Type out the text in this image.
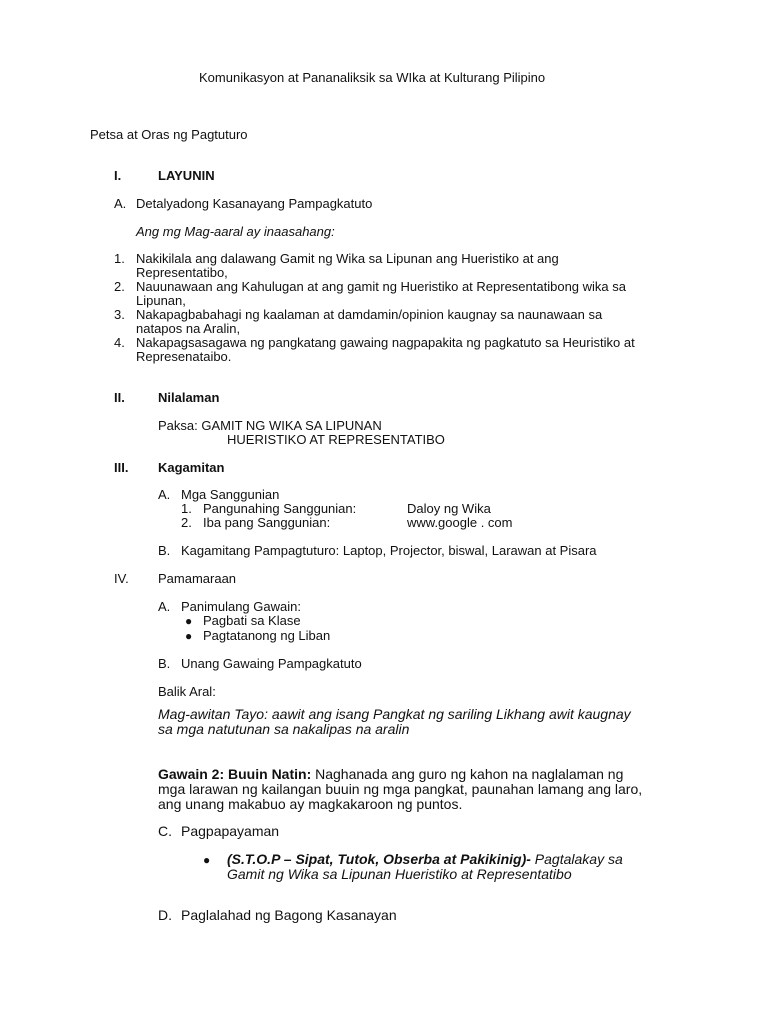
Komunikasyon at Pananaliksik sa WIka at Kulturang Pilipino
Petsa at Oras ng Pagtuturo
I.	LAYUNIN
A. Detalyadong Kasanayang Pampagkatuto
Ang mg Mag-aaral ay inaasahang:
1. Nakikilala ang dalawang Gamit ng Wika sa Lipunan ang Hueristiko at ang
Representatibo,
2. Nauunawaan ang Kahulugan at ang gamit ng Hueristiko at Representatibong wika sa
Lipunan,
3. Nakapagbabahagi ng kaalaman at damdamin/opinion kaugnay sa naunawaan sa
natapos na Aralin,
4. Nakapagsasagawa ng pangkatang gawaing nagpapakita ng pagkatuto sa Heuristiko at
Represenataibo.
II.	Nilalaman
Paksa: GAMIT NG WIKA SA LIPUNAN
HUERISTIKO AT REPRESENTATIBO
III. Kagamitan
A. Mga Sanggunian
1. Pangunahing Sanggunian:	Daloy ng Wika
2. Iba pang Sanggunian:	www.google . com
B. Kagamitang Pampagtuturo: Laptop, Projector, biswal, Larawan at Pisara
IV. Pamamaraan
A. Panimulang Gawain:
● Pagbati sa Klase
● Pagtatanong ng Liban
B. Unang Gawaing Pampagkatuto
Balik Aral:
Mag-awitan Tayo: aawit ang isang Pangkat ng sariling Likhang awit kaugnay
sa mga natutunan sa nakalipas na aralin
Gawain 2: Buuin Natin: Naghanada ang guro ng kahon na naglalaman ng
mga larawan ng kailangan buuin ng mga pangkat, paunahan lamang ang laro,
ang unang makabuo ay magkakaroon ng puntos.
C. Pagpapayaman
● (S.T.O.P – Sipat, Tutok, Obserba at Pakikinig)- Pagtalakay sa
Gamit ng Wika sa Lipunan Hueristiko at Representatibo
D. Paglalahad ng Bagong Kasanayan
